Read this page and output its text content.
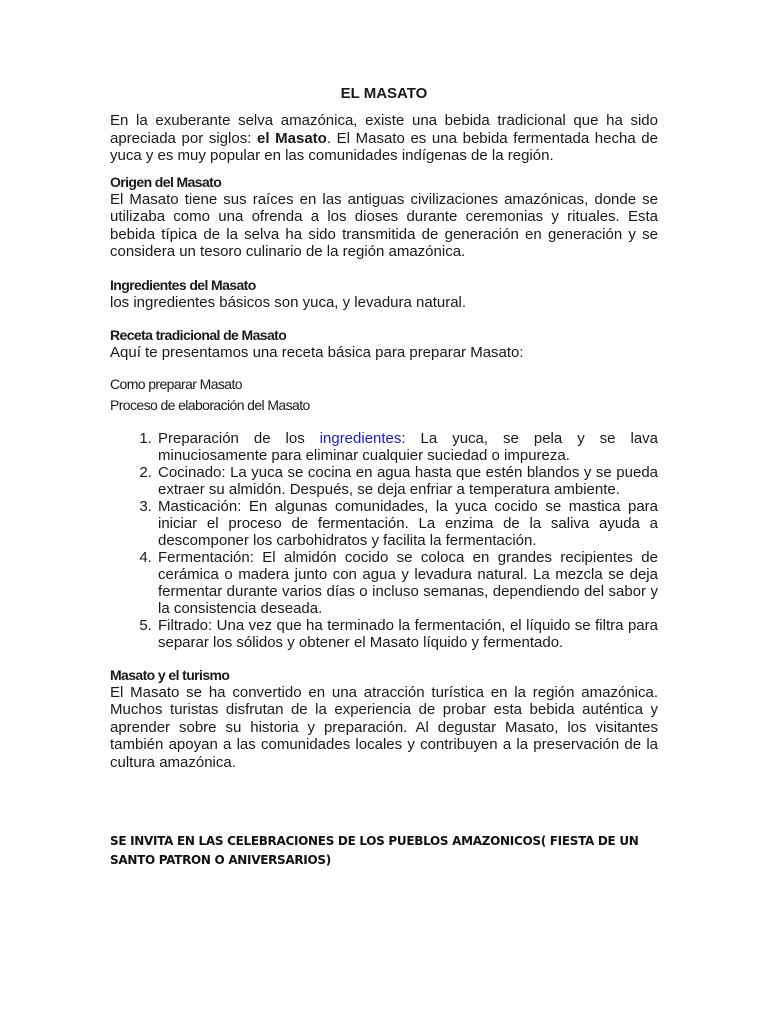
EL MASATO

En la exuberante selva amazónica, existe una bebida tradicional que ha sido apreciada por siglos: el Masato. El Masato es una bebida fermentada hecha de yuca y es muy popular en las comunidades indígenas de la región.

Origen del Masato

El Masato tiene sus raíces en las antiguas civilizaciones amazónicas, donde se utilizaba como una ofrenda a los dioses durante ceremonias y rituales. Esta bebida típica de la selva ha sido transmitida de generación en generación y se considera un tesoro culinario de la región amazónica.

Ingredientes del Masato

los ingredientes básicos son yuca, y levadura natural.

Receta tradicional de Masato

Aquí te presentamos una receta básica para preparar Masato:

Como preparar Masato
Proceso de elaboración del Masato
1. Preparación de los ingredientes: La yuca, se pela y se lava minuciosamente para eliminar cualquier suciedad o impureza.
2. Cocinado: La yuca se cocina en agua hasta que estén blandos y se pueda extraer su almidón. Después, se deja enfriar a temperatura ambiente.
3. Masticación: En algunas comunidades, la yuca cocido se mastica para iniciar el proceso de fermentación. La enzima de la saliva ayuda a descomponer los carbohidratos y facilita la fermentación.
4. Fermentación: El almidón cocido se coloca en grandes recipientes de cerámica o madera junto con agua y levadura natural. La mezcla se deja fermentar durante varios días o incluso semanas, dependiendo del sabor y la consistencia deseada.
5. Filtrado: Una vez que ha terminado la fermentación, el líquido se filtra para separar los sólidos y obtener el Masato líquido y fermentado.
Masato y el turismo

El Masato se ha convertido en una atracción turística en la región amazónica. Muchos turistas disfrutan de la experiencia de probar esta bebida auténtica y aprender sobre su historia y preparación. Al degustar Masato, los visitantes también apoyan a las comunidades locales y contribuyen a la preservación de la cultura amazónica.

SE INVITA EN LAS CELEBRACIONES DE LOS PUEBLOS AMAZONICOS( FIESTA DE UN SANTO PATRON O ANIVERSARIOS)
